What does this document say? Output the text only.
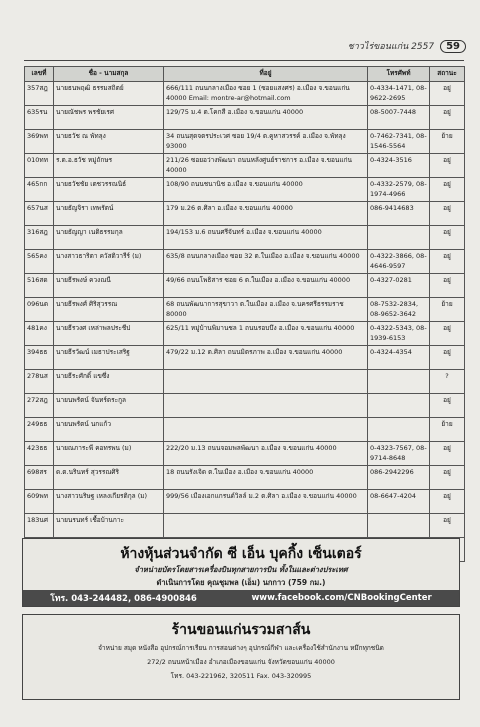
ชาวไร่ขอนแก่น 2557	59
เลขที่	ชื่อ - นามสกุล	ที่อยู่	โทรศัพท์	สถานะ
357สฎ	นายธนพฤฒิ ธรรมสถิตย์	666/111 ถนนกลางเมือง ซอย 1 (ซอยแสงศร) อ.เมือง จ.ขอนแก่น 40000 Email: montre-ar@hotmail.com	0-4334-1471, 08-9622-2695	อยู่
635รน	นายณัชพร พรชัยเรศ	129/75 ม.4 ต.โคกสี อ.เมือง จ.ขอนแก่น 40000	08-5007-7448	อยู่
369พท	นายธวัช ณ พัทลุง	34 ถนนสุดจตรประเวศ ซอย 19/4 ต.คูหาสวรรค์ อ.เมือง จ.พัทลุง 93000	0-7462-7341, 08-1546-5564	ย้าย
010ทท	ร.ต.อ.ธวัช หมู่ถักษร	211/26 ซอยอว่างพัฒนา ถนนหลังศูนย์ราชการ อ.เมือง จ.ขอนแก่น 40000	0-4324-3516	อยู่
465กก	นายธวัชชัย เตชวรรณนิธ์	108/90 ถนนชนานิช อ.เมือง จ.ขอนแก่น 40000	0-4332-2579, 08-1974-4966	อยู่
657นส	นายธัญจิรา เทพรัตน์	179 ม.26 ต.ศิลา อ.เมือง จ.ขอนแก่น 40000	086-9414683	อยู่
316สฎ	นายธัญญา เนติธรรมกุล	194/153 ม.6 ถนนศรีจันทร์ อ.เมือง จ.ขอนแก่น 40000		อยู่
565คง	นางสาวธาริตา ควัสติวารีร์ (ม)	635/8 ถนนกลางเมือง ซอย 32 ต.ในเมือง อ.เมือง จ.ขอนแก่น 40000	0-4322-3866, 08-4646-9597	อยู่
516สด	นายธีรพงษ์ ควงณนี	49/66 ถนนโพธิสาร ซอย 6 ต.ในเมือง อ.เมือง จ.ขอนแก่น 40000	0-4327-0281	อยู่
096นด	นายธีรพงศ์ ศิริสุวรรณ	68 ถนนพัฒนาการสุขาวา ต.ในเมือง อ.เมือง จ.นครศรีธรรมราช 80000	08-7532-2834, 08-9652-3642	ย้าย
481คง	นายธีรวงศ เหล่าพลประชีป	625/11 หมู่บ้านพิมานชล 1 ถนนรอบบึง อ.เมือง จ.ขอนแก่น 40000	0-4322-5343, 08-1939-6153	อยู่
394ธธ	นายธีรวัฒน์ เมธาประเสริฐ	479/22 ม.12 ต.ศิลา ถนนมิตรภาพ อ.เมือง จ.ขอนแก่น 40000	0-4324-4354	อยู่
278นส	นายธีระศักดิ์ แขซึ่ง			?
272สฎ	นายนพรัตน์ จันทร์ตระกูล			อยู่
249ธธ	นายนพรัตน์ นกแก้ว			ย้าย
423ธธ	นายณภาระพี คอทรพน (ม)	222/20 ม.13 ถนนจอมพลพัฒนา อ.เมือง จ.ขอนแก่น 40000	0-4323-7567, 08-9714-8648	อยู่
698สร	ด.ต.นรินทร์ สุวรรณศิริ	18 ถนนรังเจิด ต.ในเมือง อ.เมือง จ.ขอนแก่น 40000	086-2942296	อยู่
609พท	นางสาวนริษฐ เหลงเกียรติกุล (ม)	999/56 เมืองเอกแกรนด์วิลล์ ม.2 ต.ศิลา อ.เมือง จ.ขอนแก่น 40000	08-6647-4204	อยู่
183นศ	นายนรนทร์ เชื้อบ้านกาะ			อยู่

ห้างหุ้นส่วนจำกัด ซี เอ็น บุคกิ้ง เซ็นเตอร์
จำหน่ายบัตรโดยสารเครื่องบินทุกสายการบิน ทั้งในและต่างประเทศ
ดำเนินการโดย คุณชุมพล (เอ็ม) นกกาว (759 กม.)
โทร. 043-244482, 086-4900846	www.facebook.com/CNBookingCenter
ร้านขอนแก่นรวมสาส์น
จำหน่าย สมุด หนังสือ อุปกรณ์การเรียน การสอนต่างๆ อุปกรณ์กีฬา และเครื่องใช้สำนักงาน หมึกทุกชนิด
272/2 ถนนหน้าเมือง อำเภอเมืองขอนแก่น จังหวัดขอนแก่น 40000
โทร. 043-221962, 320511 Fax. 043-320995
